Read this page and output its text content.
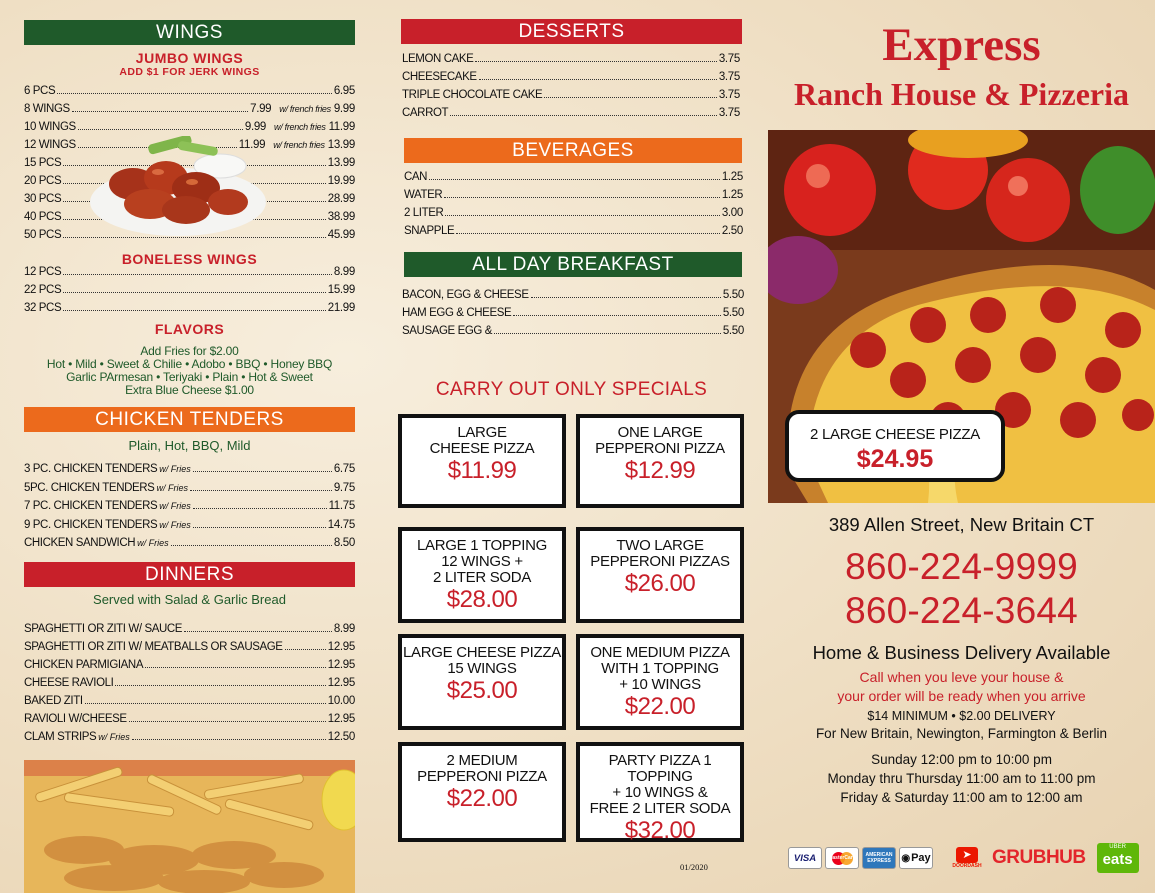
WINGS
JUMBO WINGS
ADD $1 FOR JERK WINGS
6 PCS	6.95
8 WINGS	7.99 w/ french fries 9.99
10 WINGS	9.99 w/ french fries 11.99
12 WINGS	11.99 w/ french fries 13.99
15 PCS	13.99
20 PCS	19.99
30 PCS	28.99
40 PCS	38.99
50 PCS	45.99
BONELESS WINGS
12 PCS	8.99
22 PCS	15.99
32 PCS	21.99
FLAVORS
Add Fries for $2.00
Hot • Mild • Sweet & Chilie • Adobo • BBQ • Honey BBQ
Garlic PArmesan • Teriyaki • Plain • Hot & Sweet
Extra Blue Cheese $1.00
CHICKEN TENDERS
Plain, Hot, BBQ, Mild
3 PC. CHICKEN TENDERS w/ Fries	6.75
5PC. CHICKEN TENDERS w/ Fries	9.75
7 PC. CHICKEN TENDERS w/ Fries	11.75
9 PC. CHICKEN TENDERS w/ Fries	14.75
CHICKEN SANDWICH w/ Fries	8.50
DINNERS
Served with Salad & Garlic Bread
SPAGHETTI OR ZITI W/ SAUCE	8.99
SPAGHETTI OR ZITI W/ MEATBALLS OR SAUSAGE	12.95
CHICKEN PARMIGIANA	12.95
CHEESE RAVIOLI	12.95
BAKED ZITI	10.00
RAVIOLI W/CHEESE	12.95
CLAM STRIPS w/ Fries	12.50
DESSERTS
LEMON CAKE	3.75
CHEESECAKE	3.75
TRIPLE CHOCOLATE CAKE	3.75
CARROT	3.75
BEVERAGES
CAN	1.25
WATER	1.25
2 LITER	3.00
SNAPPLE	2.50
ALL DAY BREAKFAST
BACON, EGG & CHEESE	5.50
HAM EGG & CHEESE	5.50
SAUSAGE EGG &	5.50
CARRY OUT ONLY SPECIALS
LARGE
CHEESE PIZZA
$11.99
ONE LARGE
PEPPERONI PIZZA
$12.99
LARGE 1 TOPPING
12 WINGS +
2 LITER SODA
$28.00
TWO LARGE
PEPPERONI PIZZAS
$26.00
LARGE CHEESE PIZZA
15 WINGS
$25.00
ONE MEDIUM PIZZA
WITH 1 TOPPING
+ 10 WINGS
$22.00
2 MEDIUM
PEPPERONI PIZZA
$22.00
PARTY PIZZA 1 TOPPING
+ 10 WINGS &
FREE 2 LITER SODA
$32.00
01/2020
Express
Ranch House & Pizzeria
2 LARGE CHEESE PIZZA
$24.95
389 Allen Street, New Britain CT
860-224-9999
860-224-3644
Home & Business Delivery Available
Call when you leve your house &
your order will be ready when you arrive
$14 MINIMUM • $2.00 DELIVERY
For New Britain, Newington, Farmington & Berlin
Sunday 12:00 pm to 10:00 pm
Monday thru Thursday 11:00 am to 11:00 pm
Friday & Saturday 11:00 am to 12:00 am
VISA	MasterCard	AMERICAN EXPRESS	◉ Pay	➤
DOORDASH GRUBHUB	UBER
eats
